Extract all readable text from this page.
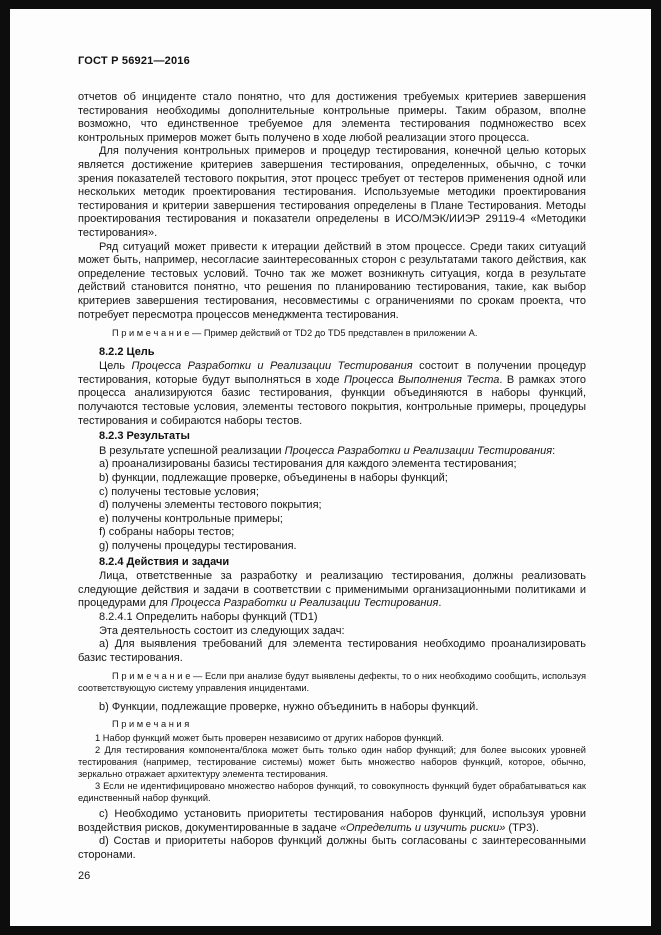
ГОСТ Р 56921—2016

отчетов об инциденте стало понятно, что для достижения требуемых критериев завершения тестирования необходимы дополнительные контрольные примеры. Таким образом, вполне возможно, что единственное требуемое для элемента тестирования подмножество всех контрольных примеров может быть получено в ходе любой реализации этого процесса.

Для получения контрольных примеров и процедур тестирования, конечной целью которых является достижение критериев завершения тестирования, определенных, обычно, с точки зрения показателей тестового покрытия, этот процесс требует от тестеров применения одной или нескольких методик проектирования тестирования. Используемые методики проектирования тестирования и критерии завершения тестирования определены в Плане Тестирования. Методы проектирования тестирования и показатели определены в ИСО/МЭК/ИИЭР 29119-4 «Методики тестирования».

Ряд ситуаций может привести к итерации действий в этом процессе. Среди таких ситуаций может быть, например, несогласие заинтересованных сторон с результатами такого действия, как определение тестовых условий. Точно так же может возникнуть ситуация, когда в результате действий становится понятно, что решения по планированию тестирования, такие, как выбор критериев завершения тестирования, несовместимы с ограничениями по срокам проекта, что потребует пересмотра процессов менеджмента тестирования.

П р и м е ч а н и е — Пример действий от TD2 до TD5 представлен в приложении А.

8.2.2 Цель

Цель Процесса Разработки и Реализации Тестирования состоит в получении процедур тестирования, которые будут выполняться в ходе Процесса Выполнения Теста. В рамках этого процесса анализируются базис тестирования, функции объединяются в наборы функций, получаются тестовые условия, элементы тестового покрытия, контрольные примеры, процедуры тестирования и собираются наборы тестов.

8.2.3 Результаты

В результате успешной реализации Процесса Разработки и Реализации Тестирования:

a) проанализированы базисы тестирования для каждого элемента тестирования;

b) функции, подлежащие проверке, объединены в наборы функций;

c) получены тестовые условия;

d) получены элементы тестового покрытия;

e) получены контрольные примеры;

f) собраны наборы тестов;

g) получены процедуры тестирования.

8.2.4 Действия и задачи

Лица, ответственные за разработку и реализацию тестирования, должны реализовать следующие действия и задачи в соответствии с применимыми организационными политиками и процедурами для Процесса Разработки и Реализации Тестирования.

8.2.4.1 Определить наборы функций (TD1)

Эта деятельность состоит из следующих задач:

a) Для выявления требований для элемента тестирования необходимо проанализировать базис тестирования.

П р и м е ч а н и е — Если при анализе будут выявлены дефекты, то о них необходимо сообщить, используя соответствующую систему управления инцидентами.

b) Функции, подлежащие проверке, нужно объединить в наборы функций.

П р и м е ч а н и я

1 Набор функций может быть проверен независимо от других наборов функций.

2 Для тестирования компонента/блока может быть только один набор функций; для более высоких уровней тестирования (например, тестирование системы) может быть множество наборов функций, которое, обычно, зеркально отражает архитектуру элемента тестирования.

3 Если не идентифицировано множество наборов функций, то совокупность функций будет обрабатываться как единственный набор функций.

c) Необходимо установить приоритеты тестирования наборов функций, используя уровни воздействия рисков, документированные в задаче «Определить и изучить риски» (TP3).

d) Состав и приоритеты наборов функций должны быть согласованы с заинтересованными сторонами.

26
